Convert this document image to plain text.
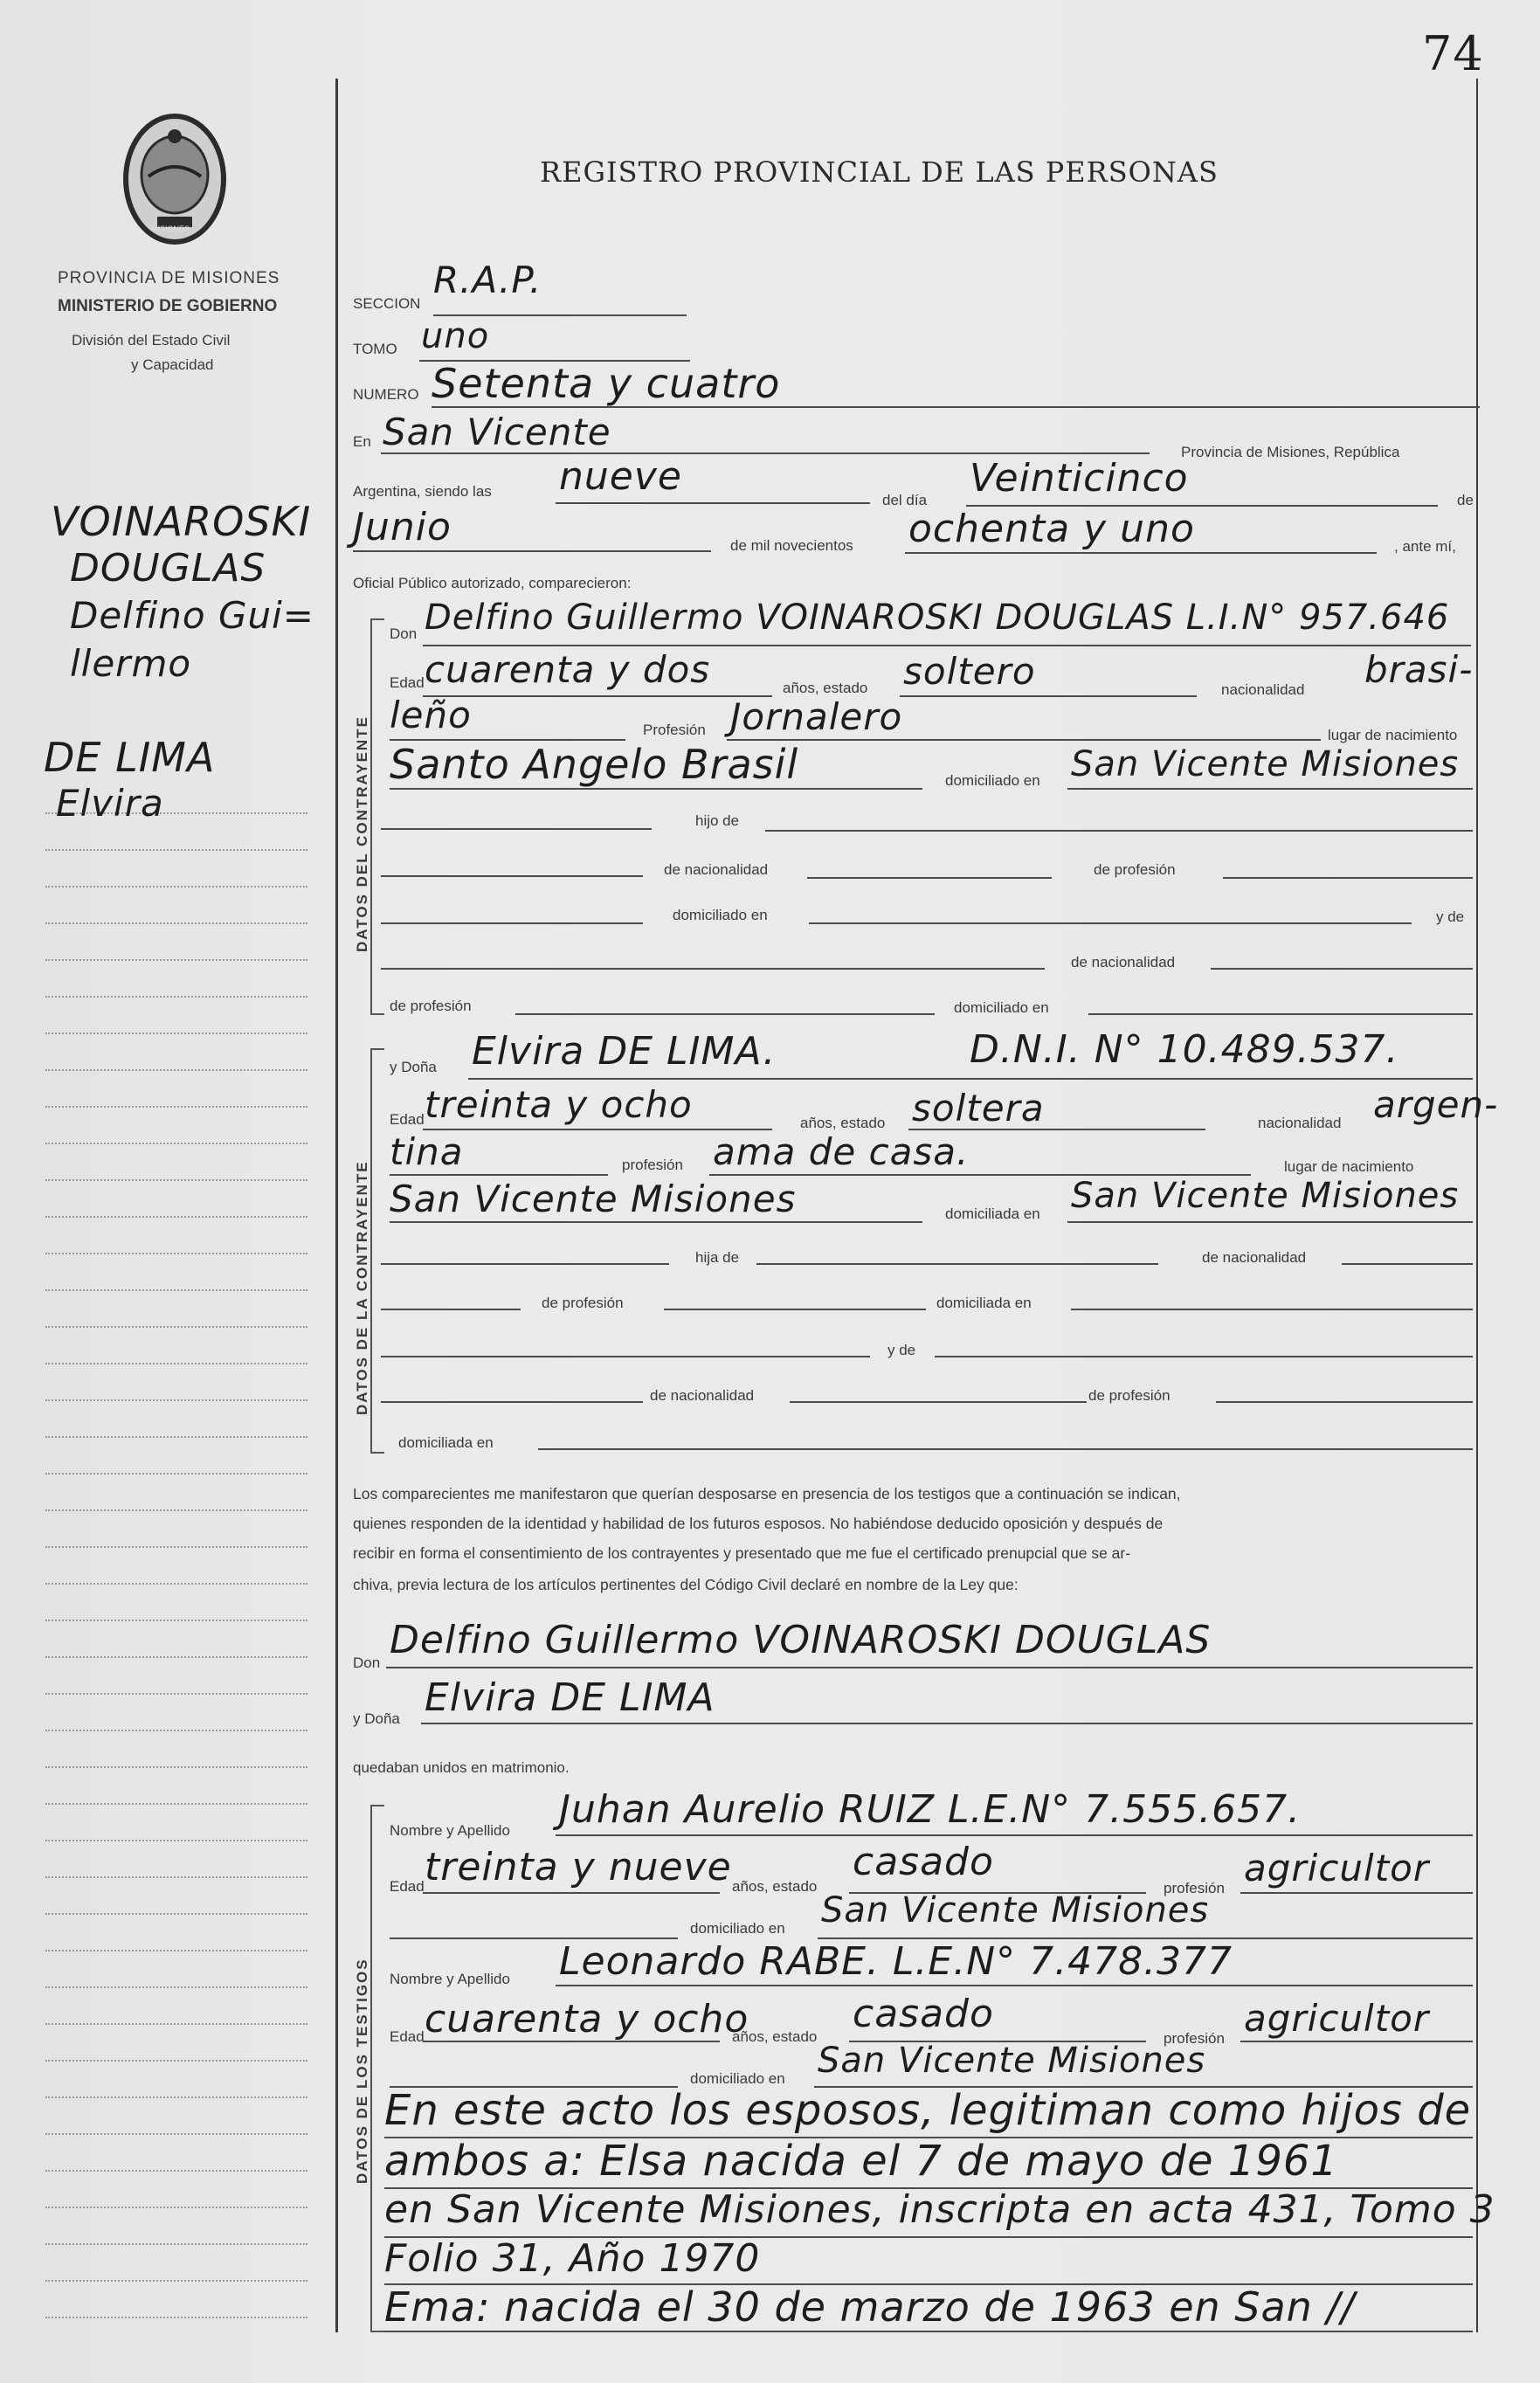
74
MISIONES
PROVINCIA DE MISIONES
MINISTERIO DE GOBIERNO
División del Estado Civil
y Capacidad
VOINAROSKI
DOUGLAS
Delfino Gui=
llermo
DE LIMA
Elvira
REGISTRO PROVINCIAL DE LAS PERSONAS
SECCION
R.A.P.
TOMO uno
NUMERO Setenta y cuatro
En San Vicente	Provincia de Misiones, República
Argentina, siendo las nueve
del día Veinticinco	de
Junio	de mil novecientos ochenta y uno	, ante mí,
Oficial Público autorizado, comparecieron:
DATOS DEL CONTRAYENTE
Don Delfino Guillermo VOINAROSKI DOUGLAS L.I.N° 957.646
Edad cuarenta y dos	años, estado soltero	nacionalidad brasi-
leño	Profesión Jornalero	lugar de nacimiento
Santo Angelo Brasil	domiciliado en San Vicente Misiones
hijo de
de nacionalidad	de profesión
domiciliado en	y de
de nacionalidad
de profesión	domiciliado en
DATOS DE LA CONTRAYENTE
y Doña Elvira DE LIMA.	D.N.I. N° 10.489.537.
Edad treinta y ocho	años, estado soltera	nacionalidad argen-
tina	profesión ama de casa.	lugar de nacimiento
San Vicente Misiones	domiciliada en San Vicente Misiones
hija de	de nacionalidad
de profesión	domiciliada en
y de
de nacionalidad	de profesión
domiciliada en
Los comparecientes me manifestaron que querían desposarse en presencia de los testigos que a continuación se indican,
quienes responden de la identidad y habilidad de los futuros esposos. No habiéndose deducido oposición y después de
recibir en forma el consentimiento de los contrayentes y presentado que me fue el certificado prenupcial que se ar-
chiva, previa lectura de los artículos pertinentes del Código Civil declaré en nombre de la Ley que:
Don
Delfino Guillermo VOINAROSKI DOUGLAS
y Doña Elvira DE LIMA
quedaban unidos en matrimonio.
DATOS DE LOS TESTIGOS
Nombre y Apellido Juhan Aurelio RUIZ L.E.N° 7.555.657.
Edad treinta y nueve años, estado
casado
profesión agricultor
domiciliado en San Vicente Misiones
Nombre y Apellido Leonardo RABE. L.E.N° 7.478.377
Edad cuarenta y ocho
años, estado
casado
profesión agricultor
domiciliado en San Vicente Misiones
En este acto los esposos, legitiman como hijos de
ambos a: Elsa nacida el 7 de mayo de 1961
en San Vicente Misiones, inscripta en acta 431, Tomo 3
Folio 31, Año 1970
Ema: nacida el 30 de marzo de 1963 en San //
